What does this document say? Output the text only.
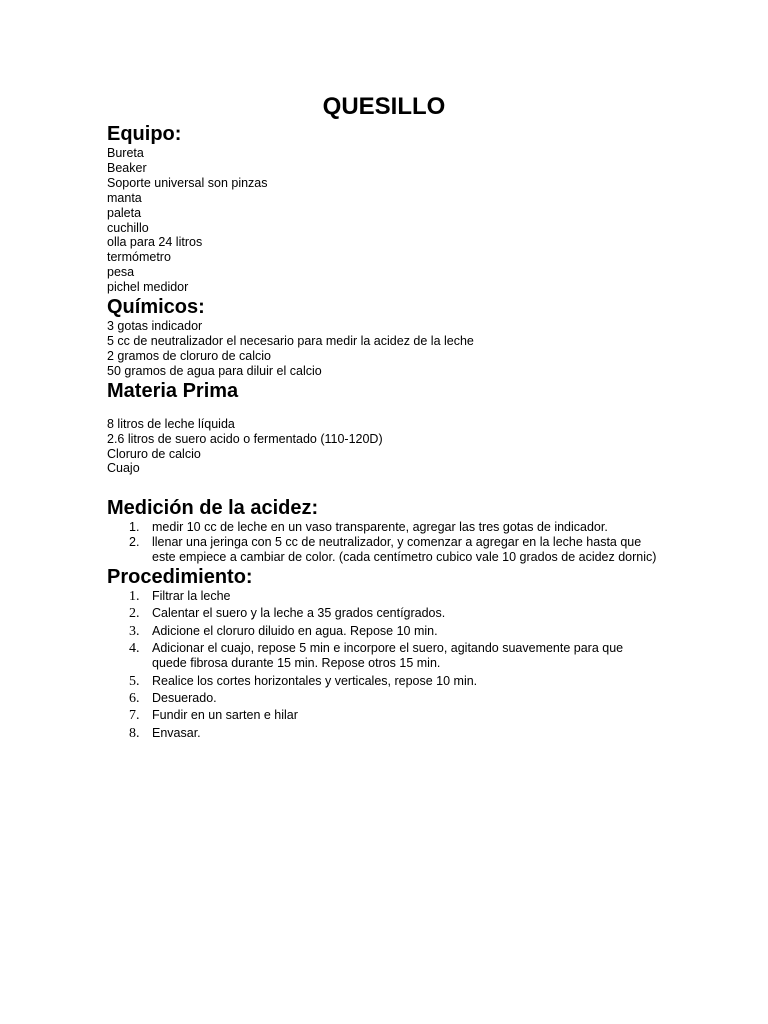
QUESILLO
Equipo:
Bureta
Beaker
Soporte universal son pinzas
manta
paleta
cuchillo
olla para 24 litros
termómetro
pesa
pichel medidor
Químicos:
3 gotas indicador
5 cc de neutralizador el necesario para medir la acidez de la leche
2 gramos de cloruro de calcio
50 gramos de agua para diluir el calcio
Materia Prima
8 litros de leche líquida
2.6 litros de suero acido o fermentado (110-120D)
Cloruro de calcio
Cuajo
Medición de la acidez:
1. medir 10 cc de leche en un vaso transparente, agregar las tres gotas de indicador.
2. llenar una jeringa con 5 cc de neutralizador, y comenzar a agregar en la leche hasta que
este empiece a cambiar de color. (cada centímetro cubico vale 10 grados de acidez dornic)
Procedimiento:
1. Filtrar la leche
2. Calentar el suero y la leche a 35 grados centígrados.
3. Adicione el cloruro diluido en agua. Repose 10 min.
4. Adicionar el cuajo, repose 5 min e incorpore el suero, agitando suavemente para que
quede fibrosa durante 15 min. Repose otros 15 min.
5. Realice los cortes horizontales y verticales, repose 10 min.
6. Desuerado.
7. Fundir en un sarten e hilar
8. Envasar.
